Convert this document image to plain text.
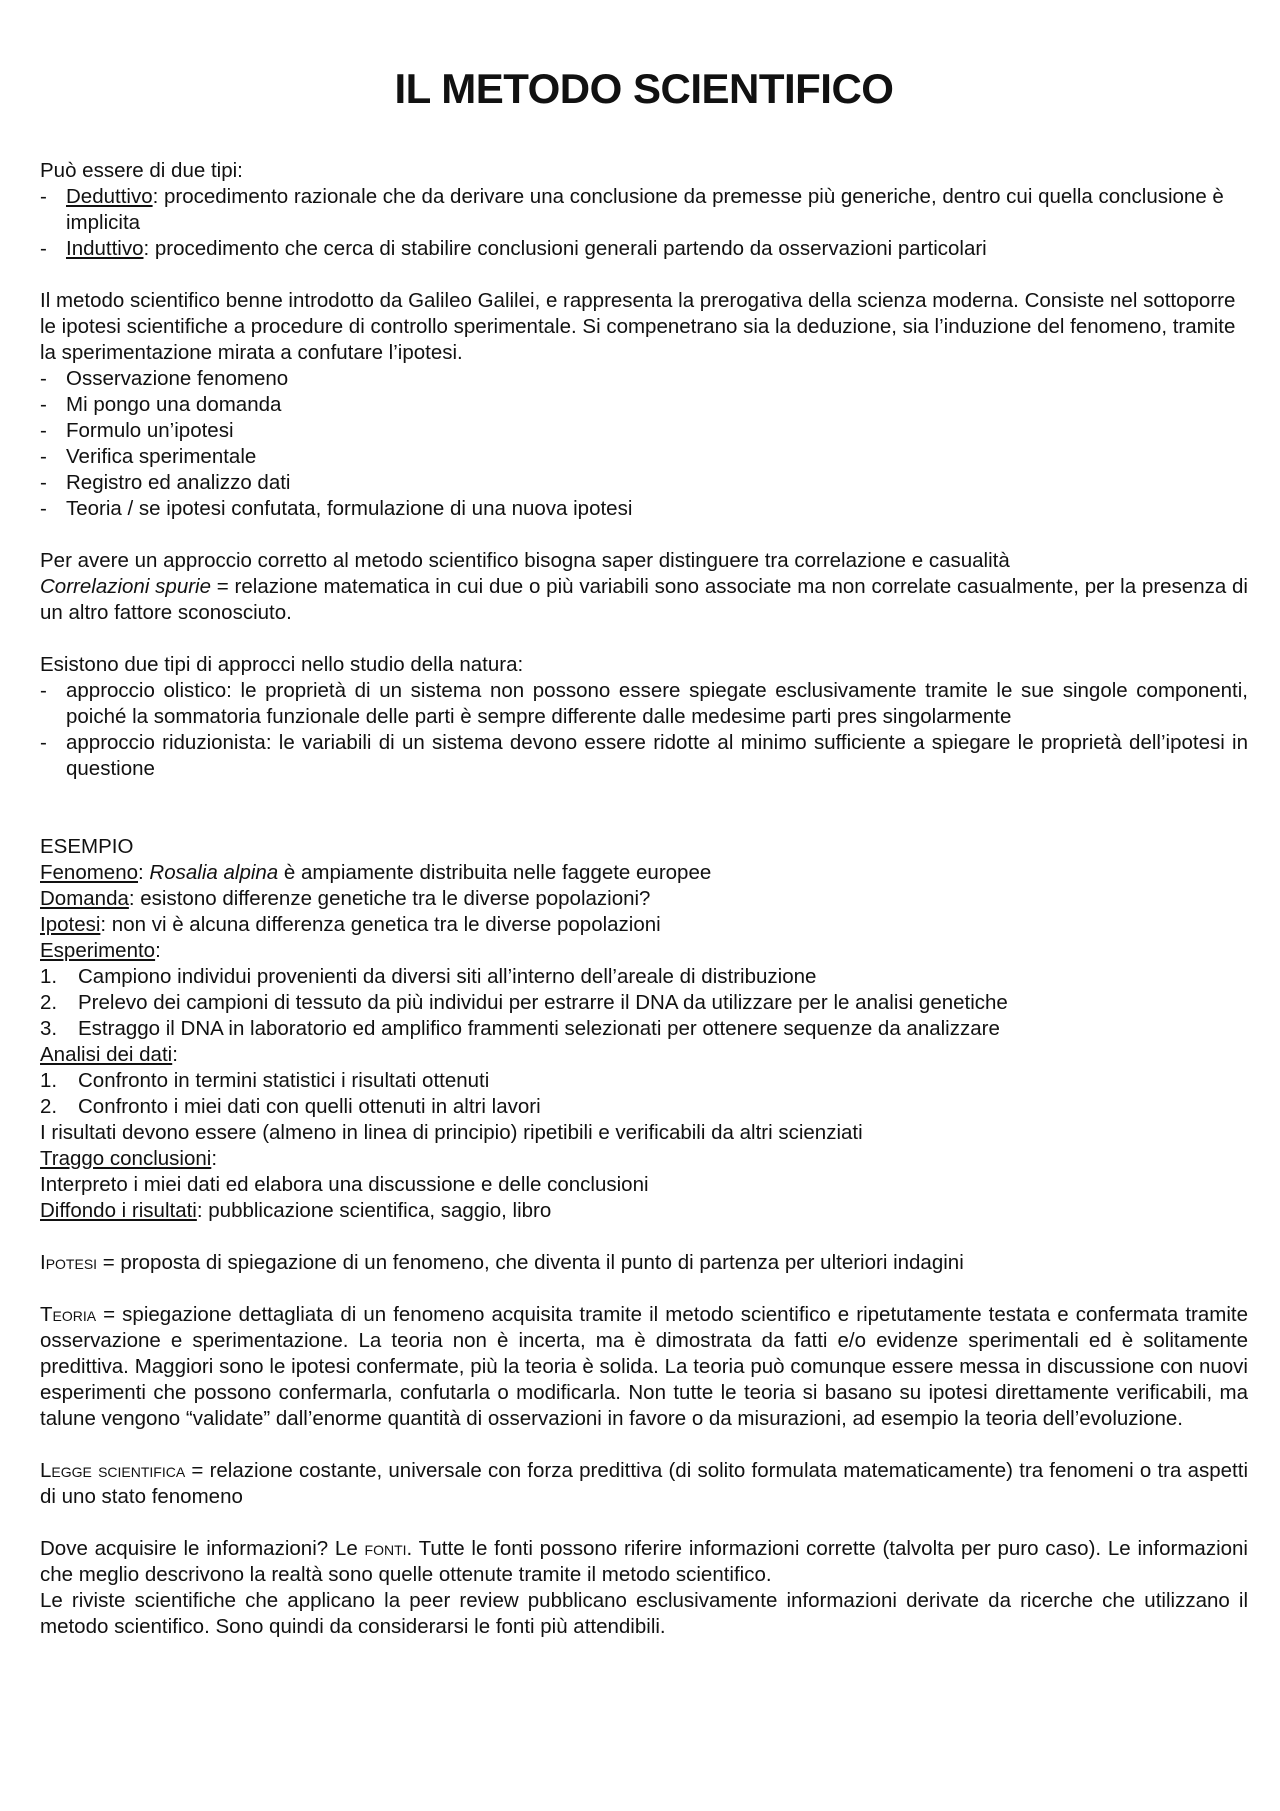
IL METODO SCIENTIFICO

Può essere di due tipi:

- Deduttivo: procedimento razionale che da derivare una conclusione da premesse più generiche, dentro cui quella conclusione è implicita
- Induttivo: procedimento che cerca di stabilire conclusioni generali partendo da osservazioni particolari

Il metodo scientifico benne introdotto da Galileo Galilei, e rappresenta la prerogativa della scienza moderna. Consiste nel sottoporre le ipotesi scientifiche a procedure di controllo sperimentale. Si compenetrano sia la deduzione, sia l’induzione del fenomeno, tramite la sperimentazione mirata a confutare l’ipotesi.

- Osservazione fenomeno
- Mi pongo una domanda
- Formulo un’ipotesi
- Verifica sperimentale
- Registro ed analizzo dati
- Teoria / se ipotesi confutata, formulazione di una nuova ipotesi

Per avere un approccio corretto al metodo scientifico bisogna saper distinguere tra correlazione e casualità

Correlazioni spurie = relazione matematica in cui due o più variabili sono associate ma non correlate casualmente, per la presenza di un altro fattore sconosciuto.

Esistono due tipi di approcci nello studio della natura:

- approccio olistico: le proprietà di un sistema non possono essere spiegate esclusivamente tramite le sue singole componenti, poiché la sommatoria funzionale delle parti è sempre differente dalle medesime parti pres singolarmente
- approccio riduzionista: le variabili di un sistema devono essere ridotte al minimo sufficiente a spiegare le proprietà dell’ipotesi in questione

ESEMPIO

Fenomeno: Rosalia alpina è ampiamente distribuita nelle faggete europee

Domanda: esistono differenze genetiche tra le diverse popolazioni?

Ipotesi: non vi è alcuna differenza genetica tra le diverse popolazioni

Esperimento:

1. Campiono individui provenienti da diversi siti all’interno dell’areale di distribuzione
2. Prelevo dei campioni di tessuto da più individui per estrarre il DNA da utilizzare per le analisi genetiche
3. Estraggo il DNA in laboratorio ed amplifico frammenti selezionati per ottenere sequenze da analizzare

Analisi dei dati:

1. Confronto in termini statistici i risultati ottenuti
2. Confronto i miei dati con quelli ottenuti in altri lavori

I risultati devono essere (almeno in linea di principio) ripetibili e verificabili da altri scienziati

Traggo conclusioni:

Interpreto i miei dati ed elabora una discussione e delle conclusioni

Diffondo i risultati: pubblicazione scientifica, saggio, libro

Ipotesi = proposta di spiegazione di un fenomeno, che diventa il punto di partenza per ulteriori indagini

Teoria = spiegazione dettagliata di un fenomeno acquisita tramite il metodo scientifico e ripetutamente testata e confermata tramite osservazione e sperimentazione. La teoria non è incerta, ma è dimostrata da fatti e/o evidenze sperimentali ed è solitamente predittiva. Maggiori sono le ipotesi confermate, più la teoria è solida. La teoria può comunque essere messa in discussione con nuovi esperimenti che possono confermarla, confutarla o modificarla. Non tutte le teoria si basano su ipotesi direttamente verificabili, ma talune vengono “validate” dall’enorme quantità di osservazioni in favore o da misurazioni, ad esempio la teoria dell’evoluzione.

Legge scientifica = relazione costante, universale con forza predittiva (di solito formulata matematicamente) tra fenomeni o tra aspetti di uno stato fenomeno

Dove acquisire le informazioni? Le fonti. Tutte le fonti possono riferire informazioni corrette (talvolta per puro caso). Le informazioni che meglio descrivono la realtà sono quelle ottenute tramite il metodo scientifico.

Le riviste scientifiche che applicano la peer review pubblicano esclusivamente informazioni derivate da ricerche che utilizzano il metodo scientifico. Sono quindi da considerarsi le fonti più attendibili.
